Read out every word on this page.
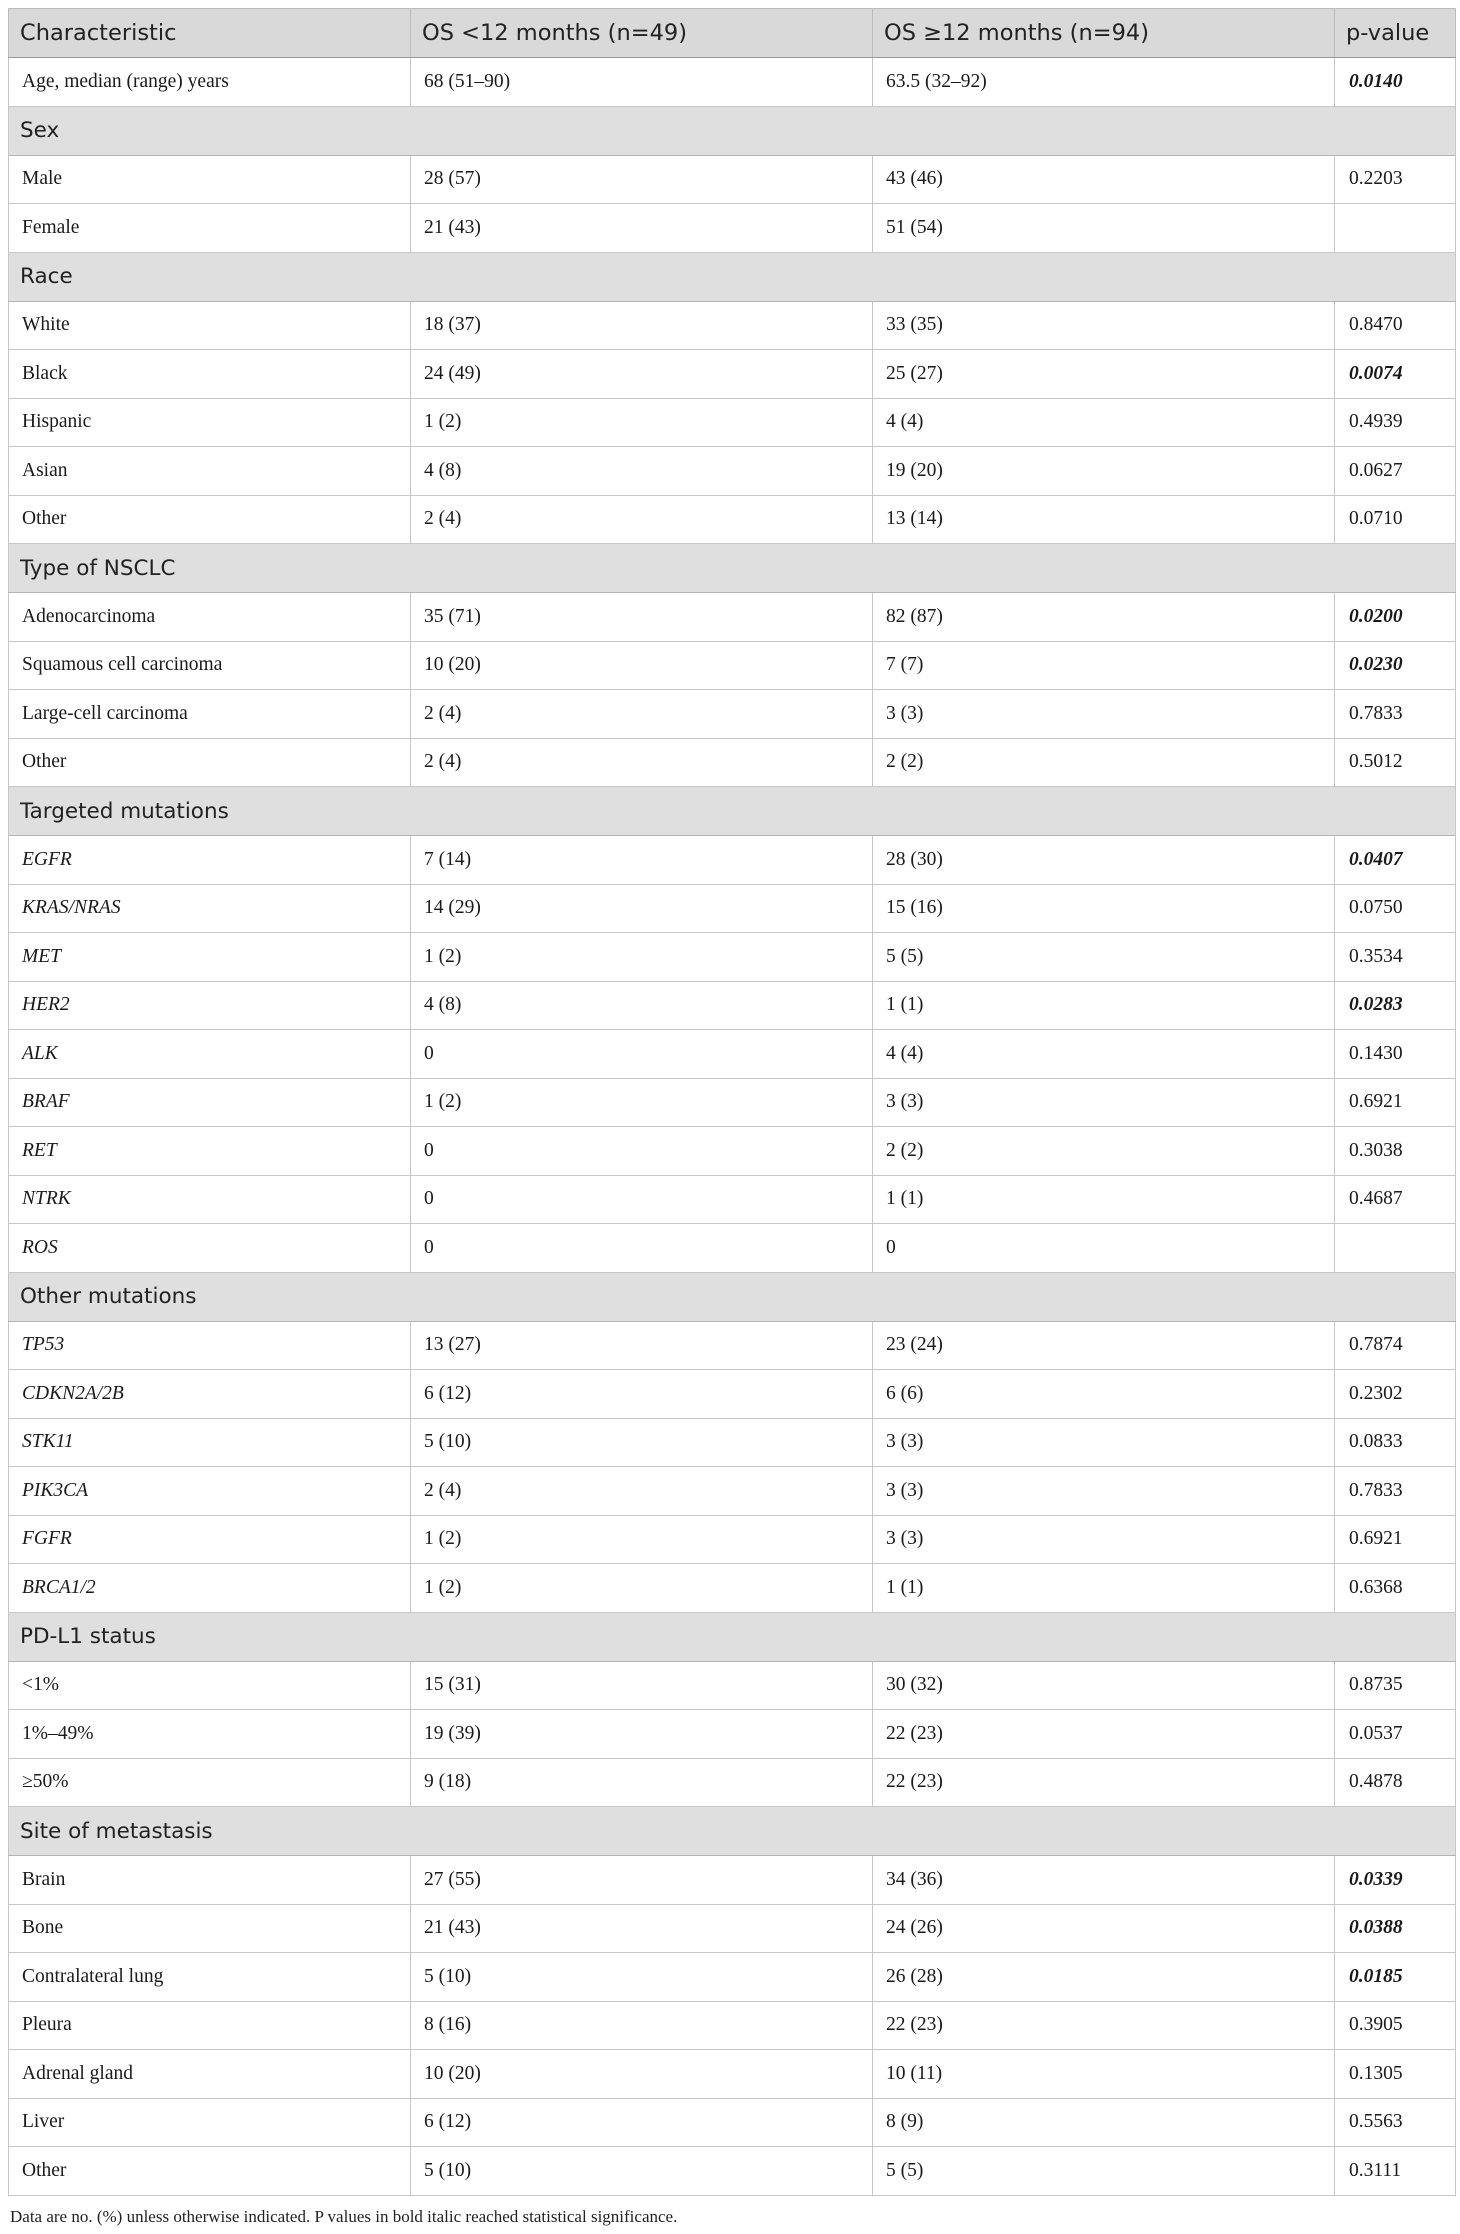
Characteristic	OS <12 months (n=49)	OS ≥12 months (n=94)	p-value
Age, median (range) years	68 (51–90)	63.5 (32–92)	0.0140
Sex			
Male	28 (57)	43 (46)	0.2203
Female	21 (43)	51 (54)	
Race			
White	18 (37)	33 (35)	0.8470
Black	24 (49)	25 (27)	0.0074
Hispanic	1 (2)	4 (4)	0.4939
Asian	4 (8)	19 (20)	0.0627
Other	2 (4)	13 (14)	0.0710
Type of NSCLC			
Adenocarcinoma	35 (71)	82 (87)	0.0200
Squamous cell carcinoma	10 (20)	7 (7)	0.0230
Large-cell carcinoma	2 (4)	3 (3)	0.7833
Other	2 (4)	2 (2)	0.5012
Targeted mutations			
EGFR	7 (14)	28 (30)	0.0407
KRAS/NRAS	14 (29)	15 (16)	0.0750
MET	1 (2)	5 (5)	0.3534
HER2	4 (8)	1 (1)	0.0283
ALK	0	4 (4)	0.1430
BRAF	1 (2)	3 (3)	0.6921
RET	0	2 (2)	0.3038
NTRK	0	1 (1)	0.4687
ROS	0	0	
Other mutations			
TP53	13 (27)	23 (24)	0.7874
CDKN2A/2B	6 (12)	6 (6)	0.2302
STK11	5 (10)	3 (3)	0.0833
PIK3CA	2 (4)	3 (3)	0.7833
FGFR	1 (2)	3 (3)	0.6921
BRCA1/2	1 (2)	1 (1)	0.6368
PD-L1 status			
<1%	15 (31)	30 (32)	0.8735
1%–49%	19 (39)	22 (23)	0.0537
≥50%	9 (18)	22 (23)	0.4878
Site of metastasis			
Brain	27 (55)	34 (36)	0.0339
Bone	21 (43)	24 (26)	0.0388
Contralateral lung	5 (10)	26 (28)	0.0185
Pleura	8 (16)	22 (23)	0.3905
Adrenal gland	10 (20)	10 (11)	0.1305
Liver	6 (12)	8 (9)	0.5563
Other	5 (10)	5 (5)	0.3111
Data are no. (%) unless otherwise indicated. P values in bold italic reached statistical significance.
